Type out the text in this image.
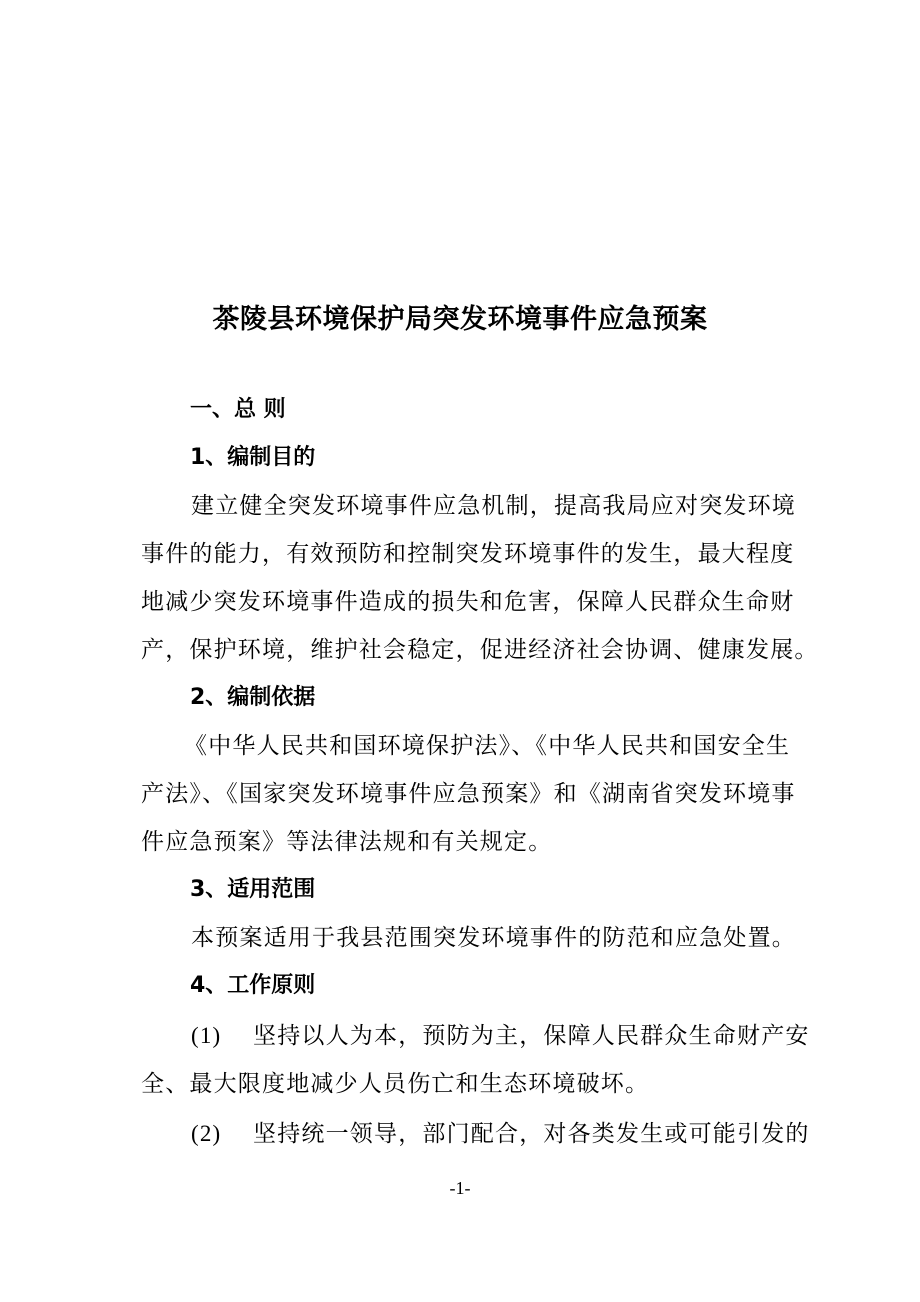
茶陵县环境保护局突发环境事件应急预案
一、总 则
1、编制目的
建立健全突发环境事件应急机制，提高我局应对突发环境
事件的能力，有效预防和控制突发环境事件的发生，最大程度
地减少突发环境事件造成的损失和危害，保障人民群众生命财
产，保护环境，维护社会稳定，促进经济社会协调、健康发展。
2、编制依据
《中华人民共和国环境保护法》、《中华人民共和国安全生
产法》、《国家突发环境事件应急预案》和《湖南省突发环境事
件应急预案》等法律法规和有关规定。
3、适用范围
本预案适用于我县范围突发环境事件的防范和应急处置。
4、工作原则
(1) 坚持以人为本，预防为主，保障人民群众生命财产安
全、最大限度地减少人员伤亡和生态环境破坏。
(2) 坚持统一领导，部门配合，对各类发生或可能引发的
-1-
